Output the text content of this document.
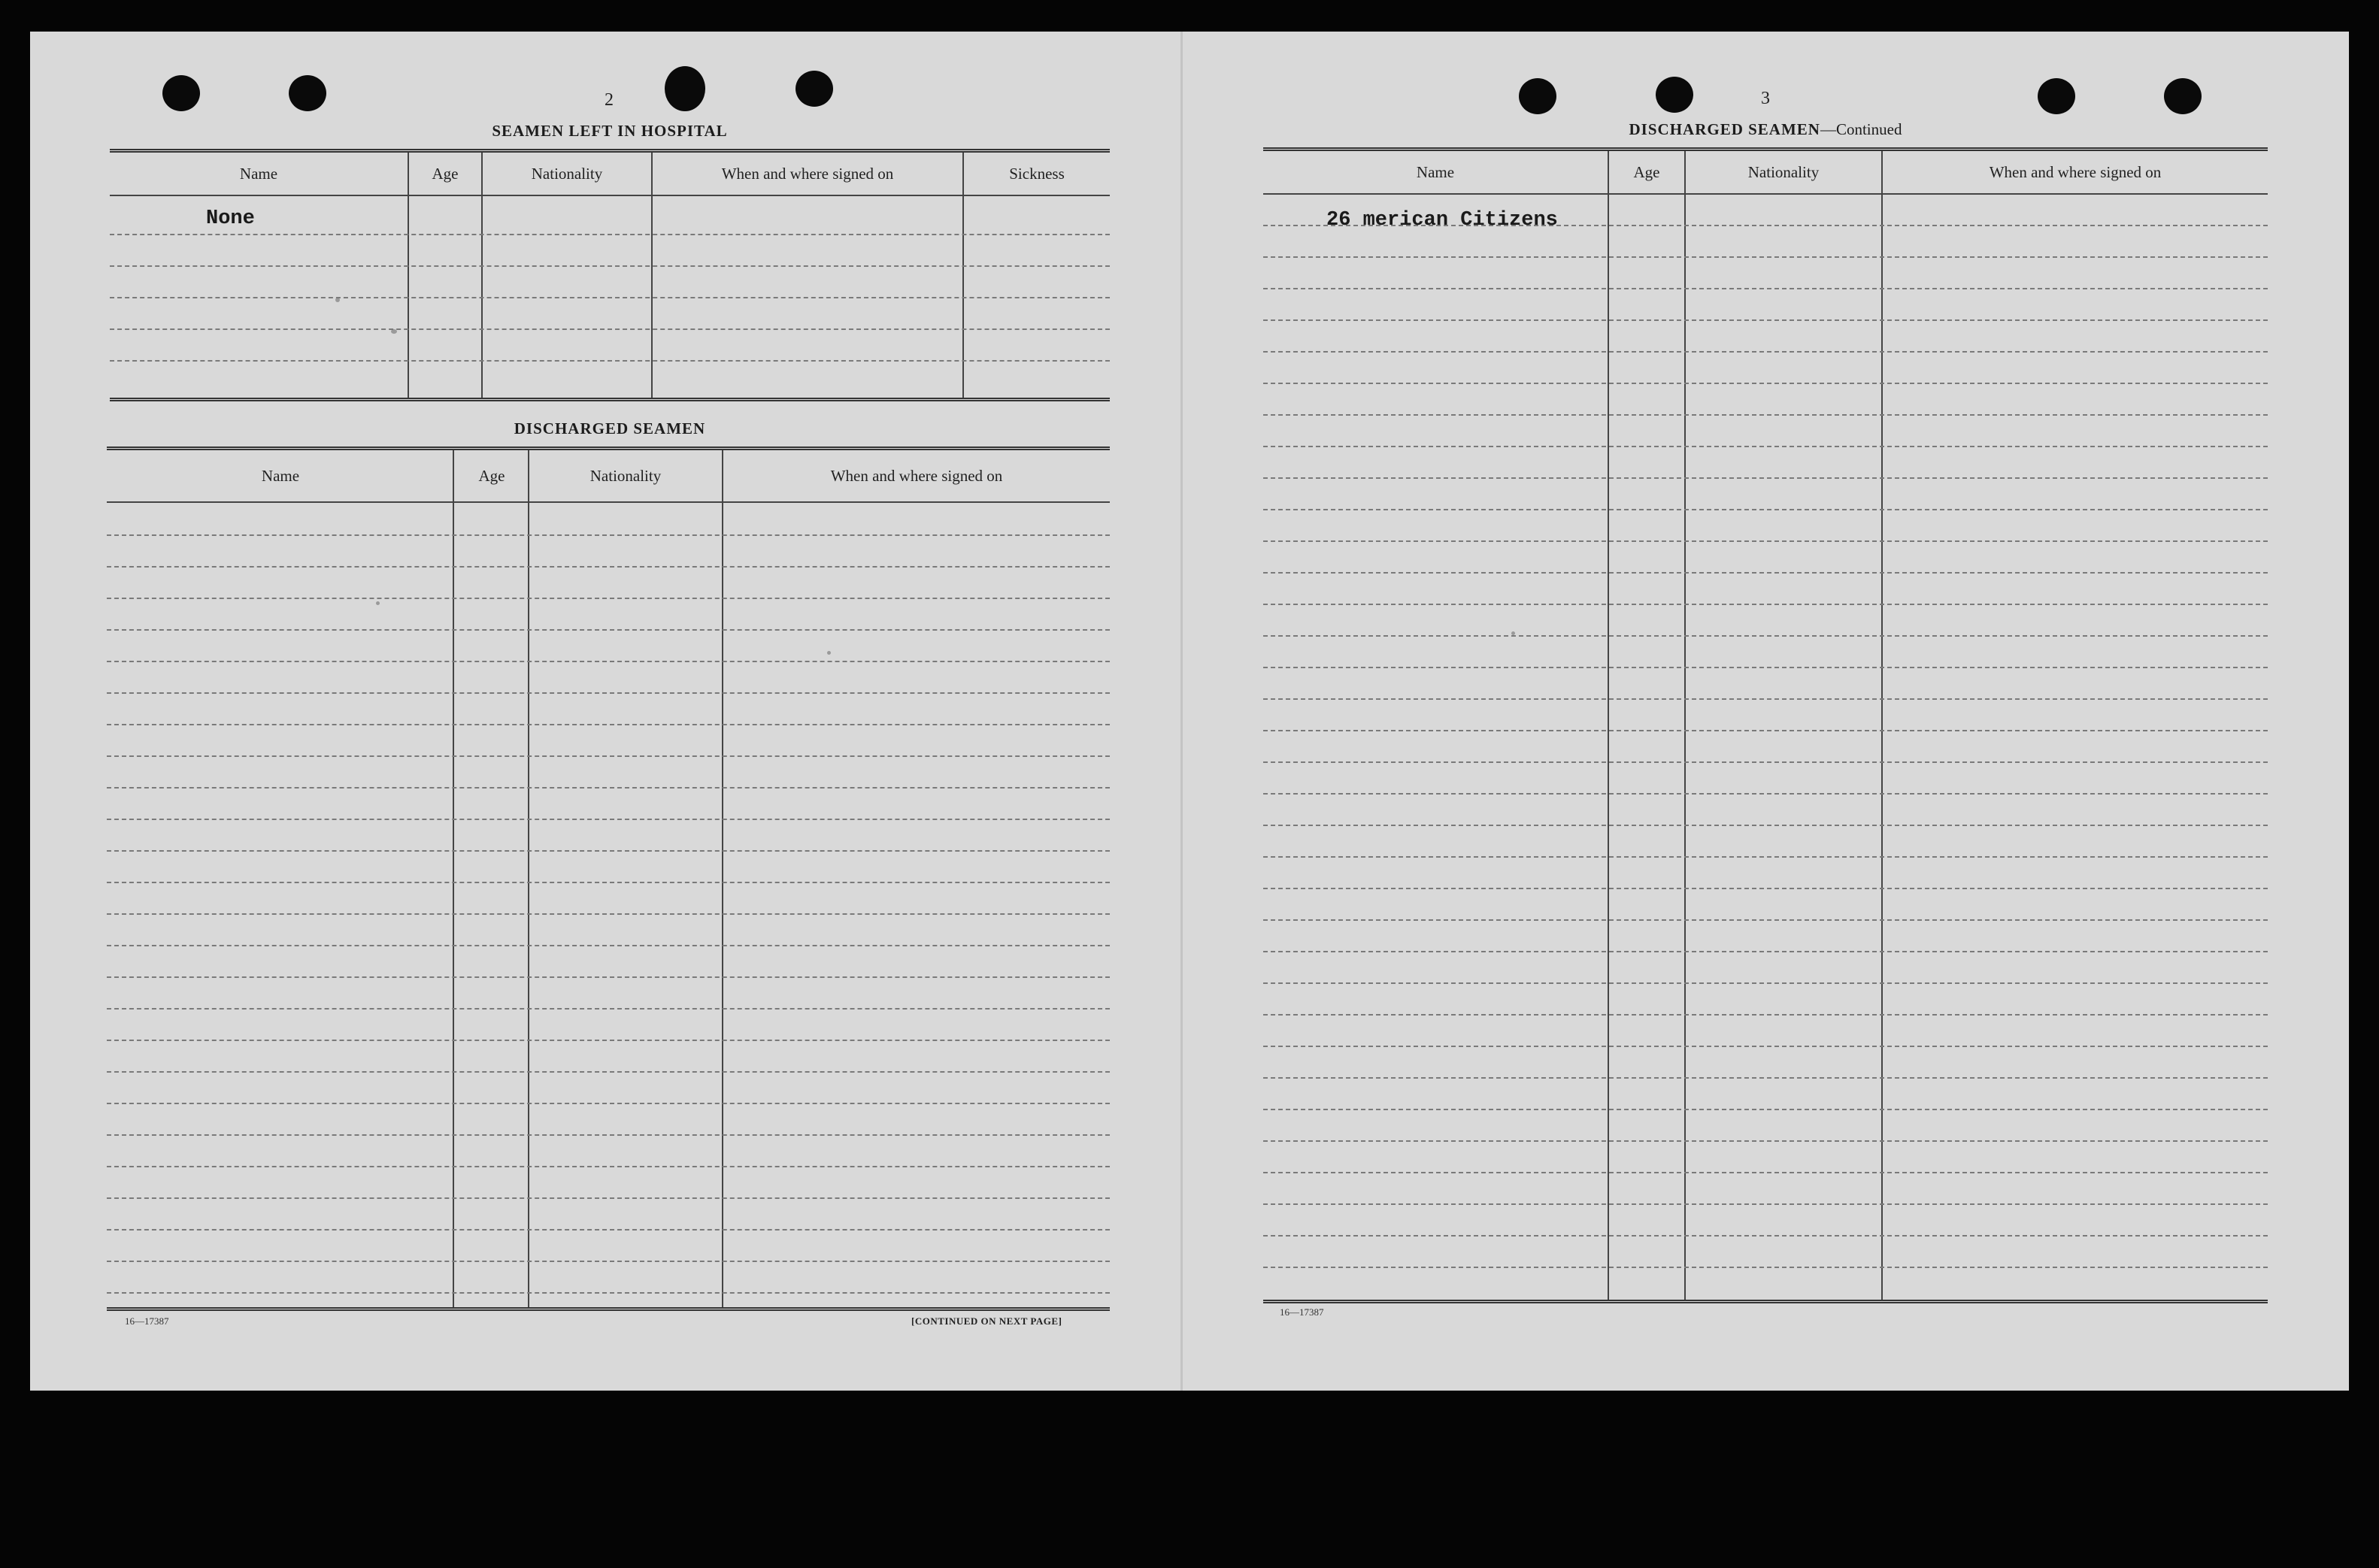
2
SEAMEN LEFT IN HOSPITAL
Name	Age	Nationality	When and where signed on	Sickness
None
DISCHARGED SEAMEN
Name	Age	Nationality	When and where signed on
16—17387	[CONTINUED ON NEXT PAGE]
3
DISCHARGED SEAMEN—Continued
Name	Age	Nationality	When and where signed on
26 merican Citizens
16—17387
